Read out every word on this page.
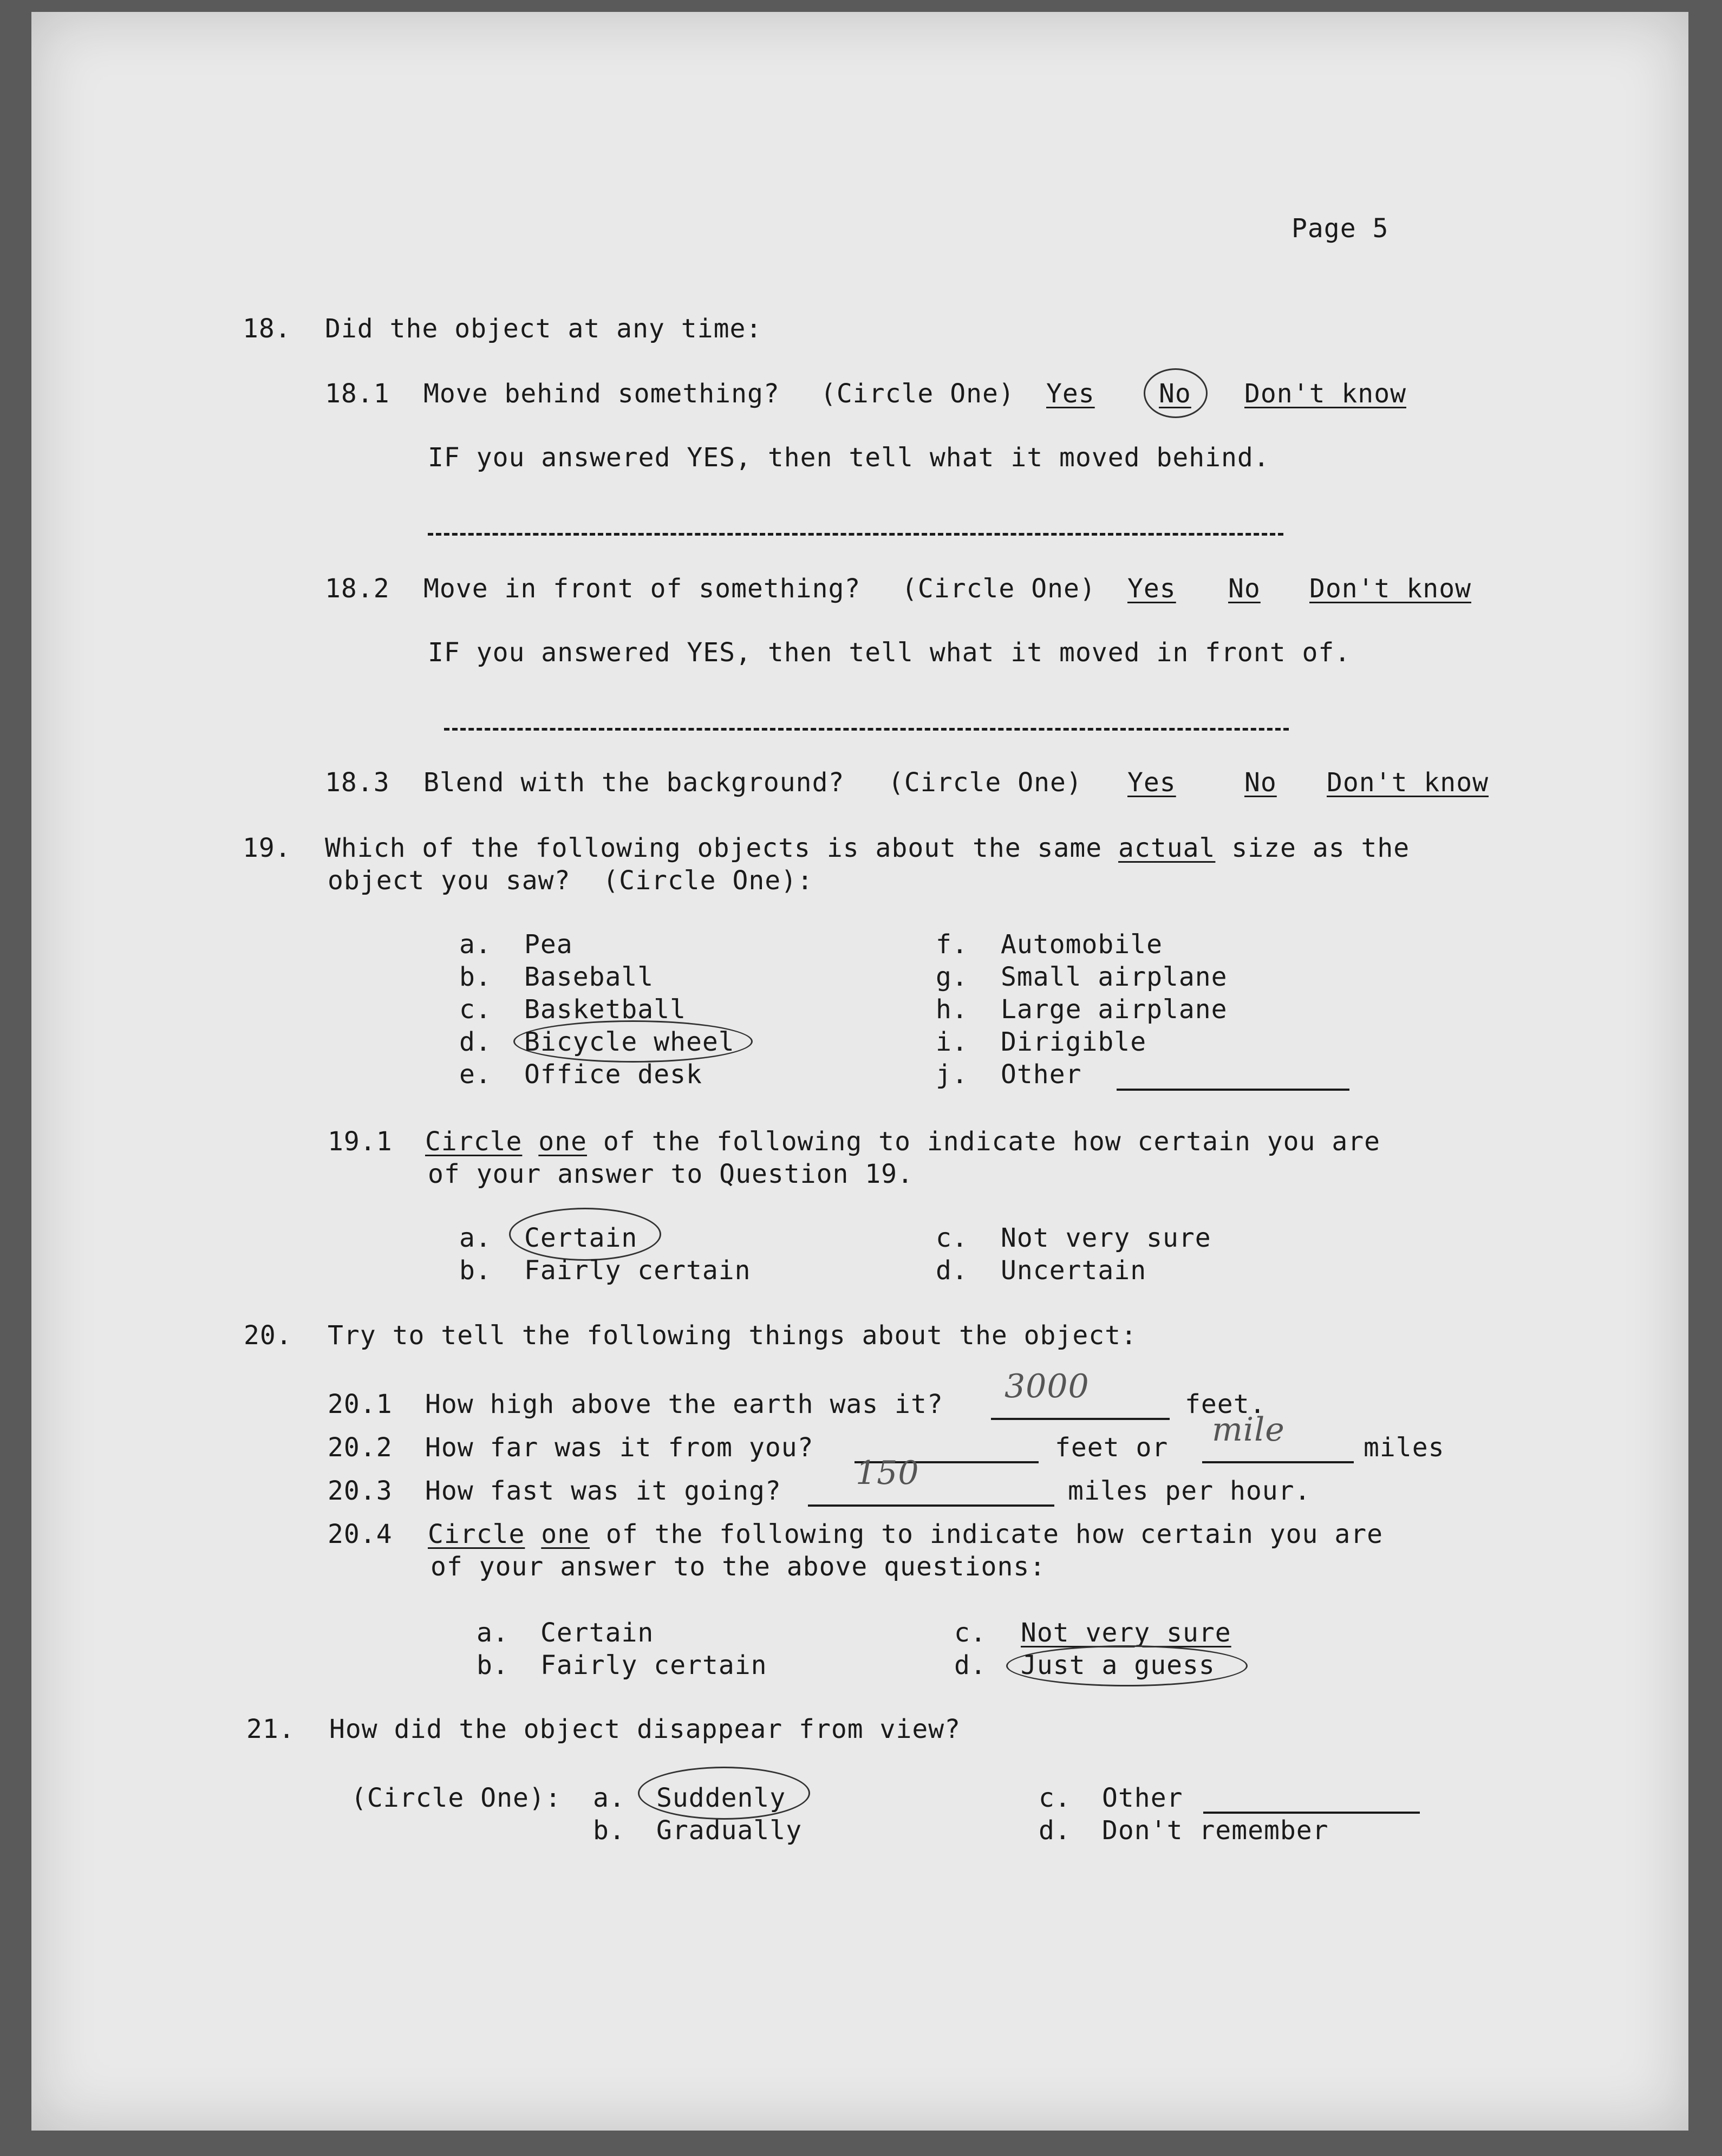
Page 5
18. Did the object at any time:
18.1 Move behind something? (Circle One) Yes No Don't know
IF you answered YES, then tell what it moved behind.
18.2 Move in front of something? (Circle One) Yes No Don't know
IF you answered YES, then tell what it moved in front of.
18.3 Blend with the background? (Circle One) Yes	No Don't know
19. Which of the following objects is about the same actual size as the
object you saw?  (Circle One):
a. Pea
b. Baseball
c. Basketball
d. Bicycle wheel
e. Office desk
f. Automobile
g. Small airplane
h. Large airplane
i. Dirigible
j. Other
19.1 Circle one of the following to indicate how certain you are
of your answer to Question 19.
a. Certain
b. Fairly certain
c. Not very sure
d. Uncertain
20. Try to tell the following things about the object:
20.1 How high above the earth was it? 3000	feet.
20.2 How far was it from you?	feet or mile	miles
20.3 How fast was it going? 150	miles per hour.
20.4 Circle one of the following to indicate how certain you are
of your answer to the above questions:
a. Certain
b. Fairly certain
c. Not very sure
d. Just a guess
21. How did the object disappear from view?
(Circle One): a. Suddenly
b. Gradually
c. Other
d. Don't remember
